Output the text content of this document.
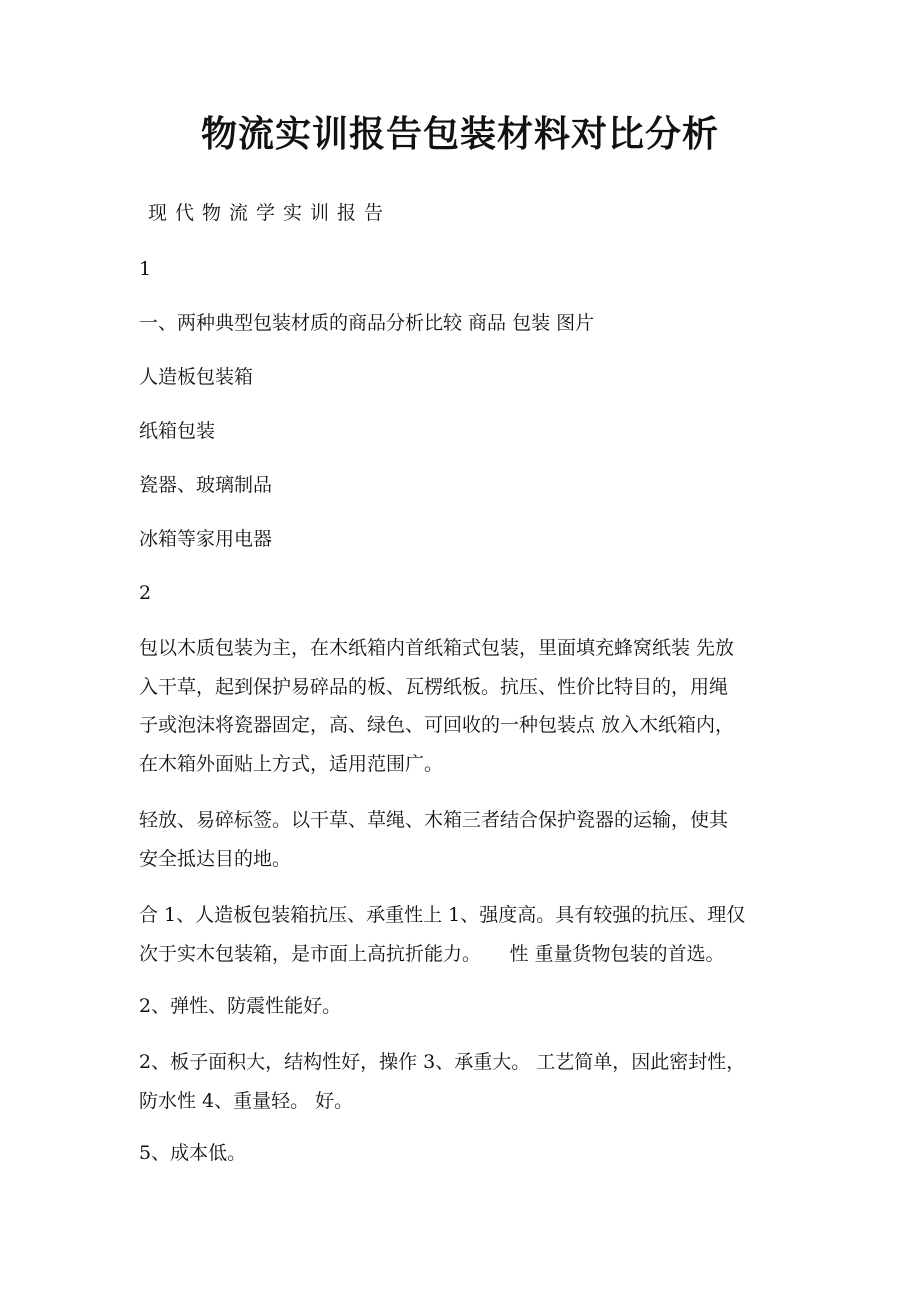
物流实训报告包装材料对比分析

现代物流学实训报告

1

一、两种典型包装材质的商品分析比较 商品 包装 图片

人造板包装箱

纸箱包装

瓷器、玻璃制品

冰箱等家用电器

2

包以木质包装为主，在木纸箱内首纸箱式包装，里面填充蜂窝纸装 先放
入干草，起到保护易碎品的板、瓦楞纸板。抗压、性价比特目的，用绳
子或泡沫将瓷器固定，高、绿色、可回收的一种包装点 放入木纸箱内，
在木箱外面贴上方式，适用范围广。
轻放、易碎标签。以干草、草绳、木箱三者结合保护瓷器的运输，使其
安全抵达目的地。
合 1、人造板包装箱抗压、承重性上 1、强度高。具有较强的抗压、理仅
次于实木包装箱，是市面上高抗折能力。　　性 重量货物包装的首选。

2、弹性、防震性能好。

2、板子面积大，结构性好，操作 3、承重大。 工艺简单，因此密封性，
防水性 4、重量轻。 好。

5、成本低。
